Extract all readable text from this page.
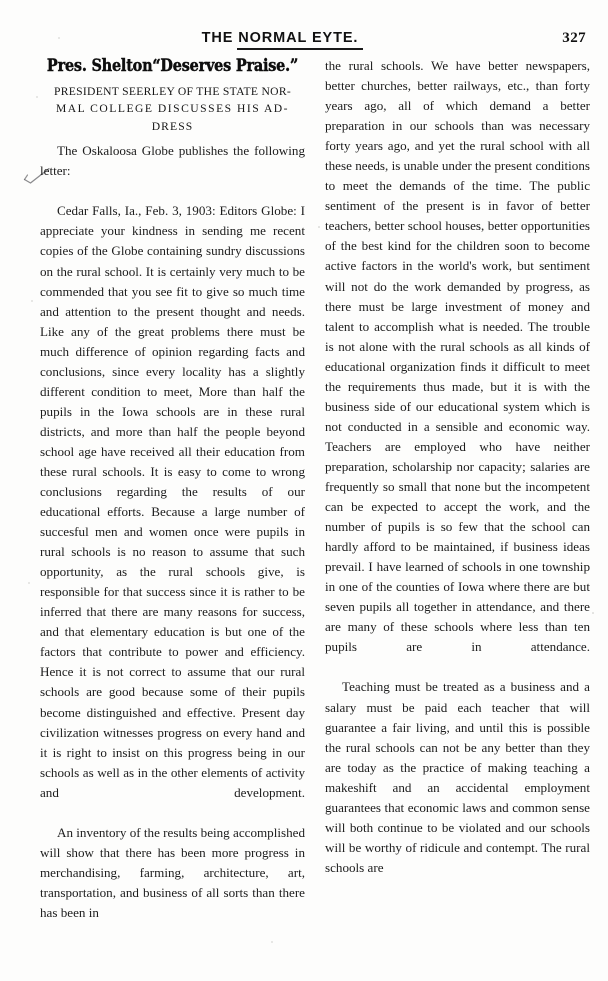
THE NORMAL EYTE.	327
Pres. Shelton“Deserves Praise.”
PRESIDENT SEERLEY OF THE STATE NOR-
MAL COLLEGE DISCUSSES HIS AD-
DRESS

The Oskaloosa Globe publishes the following letter:

Cedar Falls, Ia., Feb. 3, 1903: Editors Globe: I appreciate your kindness in sending me recent copies of the Globe containing sundry discussions on the rural school. It is certainly very much to be commended that you see fit to give so much time and attention to the present thought and needs. Like any of the great problems there must be much difference of opinion regarding facts and conclusions, since every locality has a slightly different condition to meet, More than half the pupils in the Iowa schools are in these rural districts, and more than half the people beyond school age have received all their education from these rural schools. It is easy to come to wrong conclusions regarding the results of our educational efforts. Because a large number of succesful men and women once were pupils in rural schools is no reason to assume that such opportunity, as the rural schools give, is responsible for that success since it is rather to be inferred that there are many reasons for success, and that elementary education is but one of the factors that contribute to power and efficiency. Hence it is not correct to assume that our rural schools are good because some of their pupils become distinguished and effective. Present day civilization witnesses progress on every hand and it is right to insist on this progress being in our schools as well as in the other elements of activity and development.

An inventory of the results being accomplished will show that there has been more progress in merchandising, farming, architecture, art, transportation, and business of all sorts than there has been in

the rural schools. We have better newspapers, better churches, better railways, etc., than forty years ago, all of which demand a better preparation in our schools than was necessary forty years ago, and yet the rural school with all these needs, is unable under the present conditions to meet the demands of the time. The public sentiment of the present is in favor of better teachers, better school houses, better opportunities of the best kind for the children soon to become active factors in the world's work, but sentiment will not do the work demanded by progress, as there must be large investment of money and talent to accomplish what is needed. The trouble is not alone with the rural schools as all kinds of educational organization finds it difficult to meet the requirements thus made, but it is with the business side of our educational system which is not conducted in a sensible and economic way. Teachers are employed who have neither preparation, scholarship nor capacity; salaries are frequently so small that none but the incompetent can be expected to accept the work, and the number of pupils is so few that the school can hardly afford to be maintained, if business ideas prevail. I have learned of schools in one township in one of the counties of Iowa where there are but seven pupils all together in attendance, and there are many of these schools where less than ten pupils are in attendance.

Teaching must be treated as a business and a salary must be paid each teacher that will guarantee a fair living, and until this is possible the rural schools can not be any better than they are today as the practice of making teaching a makeshift and an accidental employment guarantees that economic laws and common sense will both continue to be violated and our schools will be worthy of ridicule and contempt. The rural schools are
